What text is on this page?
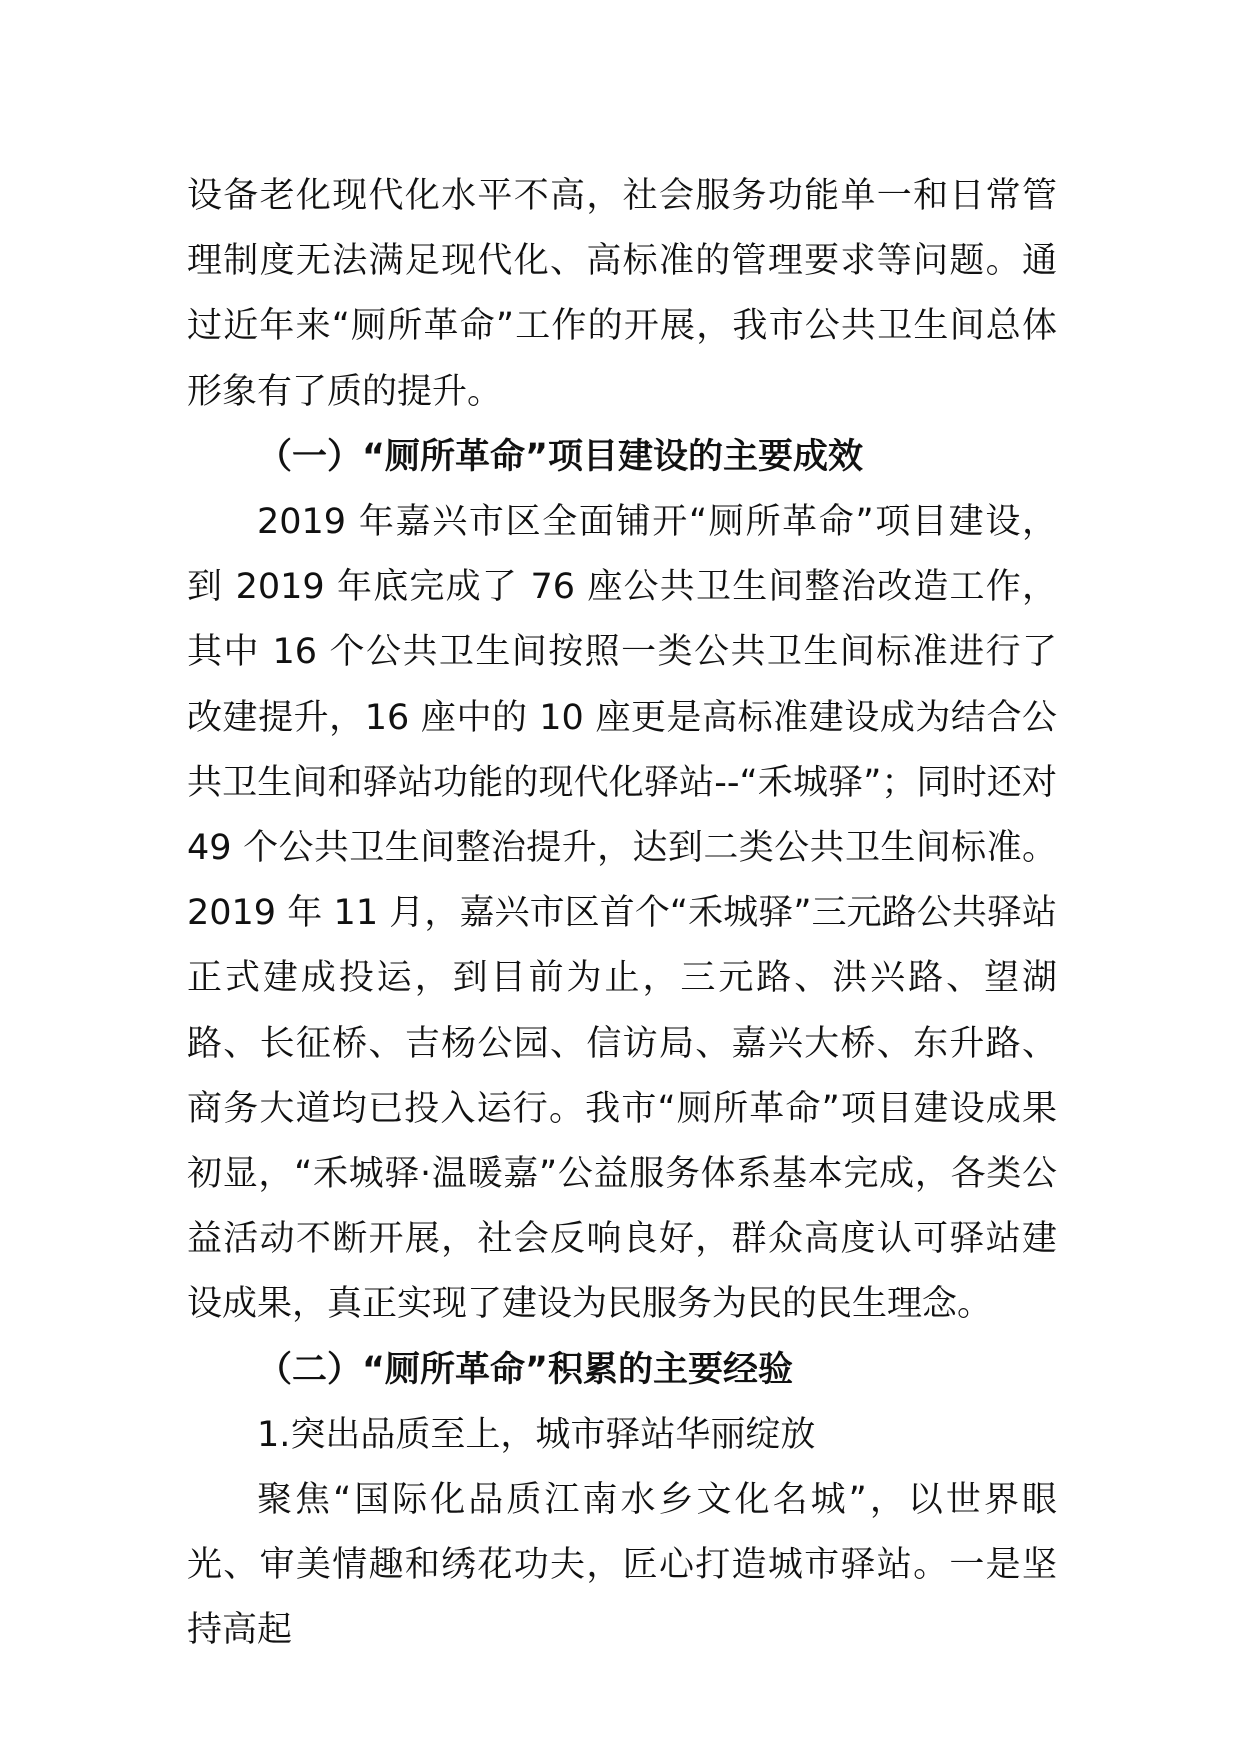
设备老化现代化水平不高，社会服务功能单一和日常管理制度无法满足现代化、高标准的管理要求等问题。通过近年来“厕所革命”工作的开展，我市公共卫生间总体形象有了质的提升。

（一）“厕所革命”项目建设的主要成效

2019 年嘉兴市区全面铺开“厕所革命”项目建设，到 2019 年底完成了 76 座公共卫生间整治改造工作，其中 16 个公共卫生间按照一类公共卫生间标准进行了改建提升，16 座中的 10 座更是高标准建设成为结合公共卫生间和驿站功能的现代化驿站--“禾城驿”；同时还对 49 个公共卫生间整治提升，达到二类公共卫生间标准。2019 年 11 月，嘉兴市区首个“禾城驿”三元路公共驿站正式建成投运，到目前为止，三元路、洪兴路、望湖路、长征桥、吉杨公园、信访局、嘉兴大桥、东升路、商务大道均已投入运行。我市“厕所革命”项目建设成果初显，“禾城驿·温暖嘉”公益服务体系基本完成，各类公益活动不断开展，社会反响良好，群众高度认可驿站建设成果，真正实现了建设为民服务为民的民生理念。

（二）“厕所革命”积累的主要经验

1.突出品质至上，城市驿站华丽绽放

聚焦“国际化品质江南水乡文化名城”，以世界眼光、审美情趣和绣花功夫，匠心打造城市驿站。一是坚持高起
